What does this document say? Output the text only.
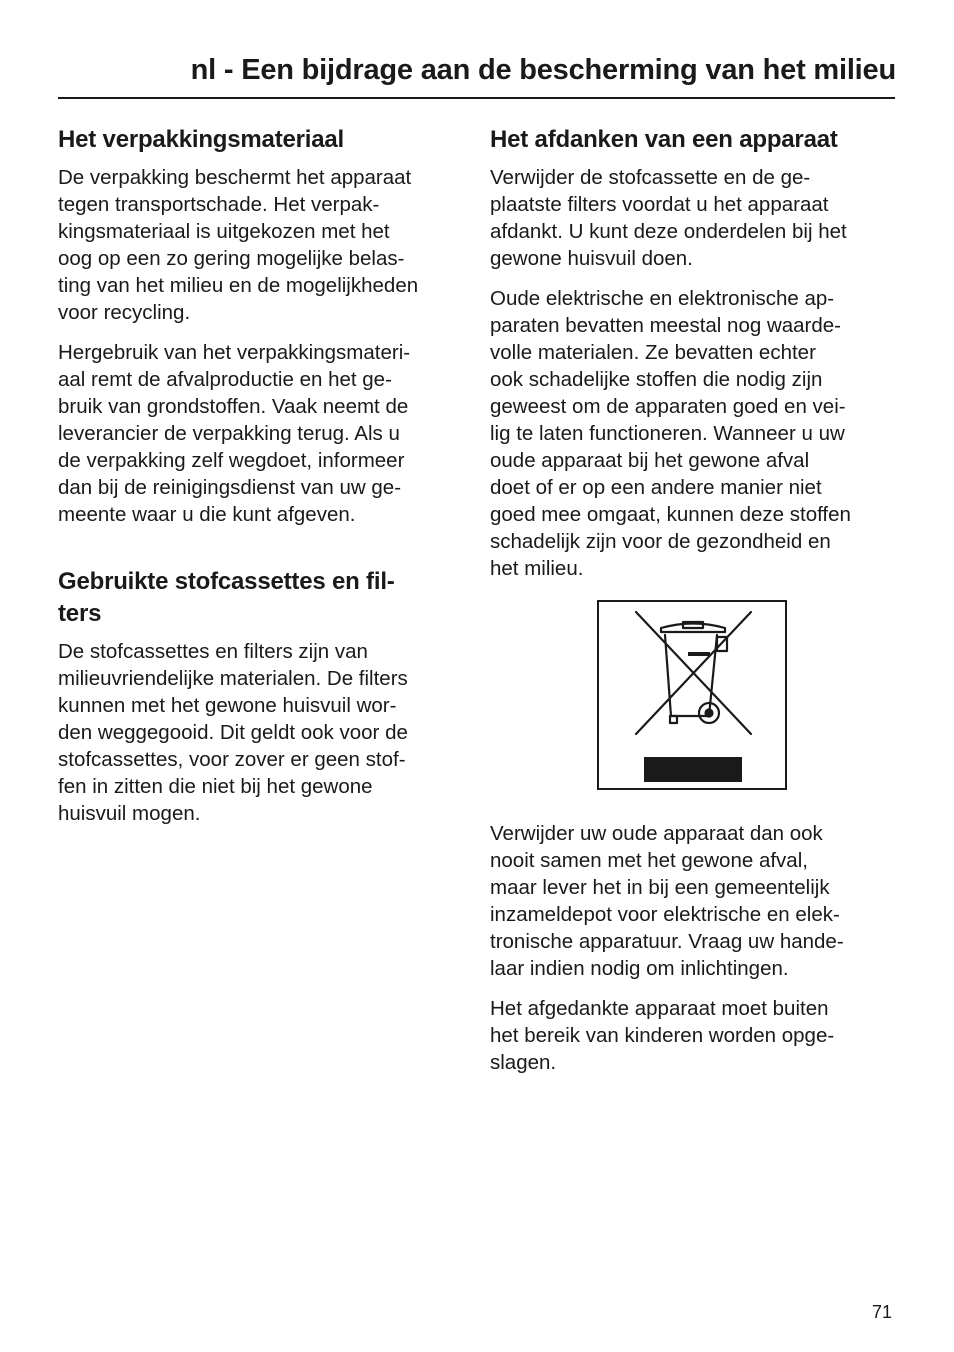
nl - Een bijdrage aan de bescherming van het milieu
Het verpakkingsmateriaal

De verpakking beschermt het apparaat
tegen transportschade. Het verpak-
kingsmateriaal is uitgekozen met het
oog op een zo gering mogelijke belas-
ting van het milieu en de mogelijkheden
voor recycling.

Hergebruik van het verpakkingsmateri-
aal remt de afvalproductie en het ge-
bruik van grondstoffen. Vaak neemt de
leverancier de verpakking terug. Als u
de verpakking zelf wegdoet, informeer
dan bij de reinigingsdienst van uw ge-
meente waar u die kunt afgeven.

Gebruikte stofcassettes en fil-
ters

De stofcassettes en filters zijn van
milieuvriendelijke materialen. De filters
kunnen met het gewone huisvuil wor-
den weggegooid. Dit geldt ook voor de
stofcassettes, voor zover er geen stof-
fen in zitten die niet bij het gewone
huisvuil mogen.

Het afdanken van een apparaat

Verwijder de stofcassette en de ge-
plaatste filters voordat u het apparaat
afdankt. U kunt deze onderdelen bij het
gewone huisvuil doen.

Oude elektrische en elektronische ap-
paraten bevatten meestal nog waarde-
volle materialen. Ze bevatten echter
ook schadelijke stoffen die nodig zijn
geweest om de apparaten goed en vei-
lig te laten functioneren. Wanneer u uw
oude apparaat bij het gewone afval
doet of er op een andere manier niet
goed mee omgaat, kunnen deze stoffen
schadelijk zijn voor de gezondheid en
het milieu.

Verwijder uw oude apparaat dan ook
nooit samen met het gewone afval,
maar lever het in bij een gemeentelijk
inzameldepot voor elektrische en elek-
tronische apparatuur. Vraag uw hande-
laar indien nodig om inlichtingen.

Het afgedankte apparaat moet buiten
het bereik van kinderen worden opge-
slagen.

71
